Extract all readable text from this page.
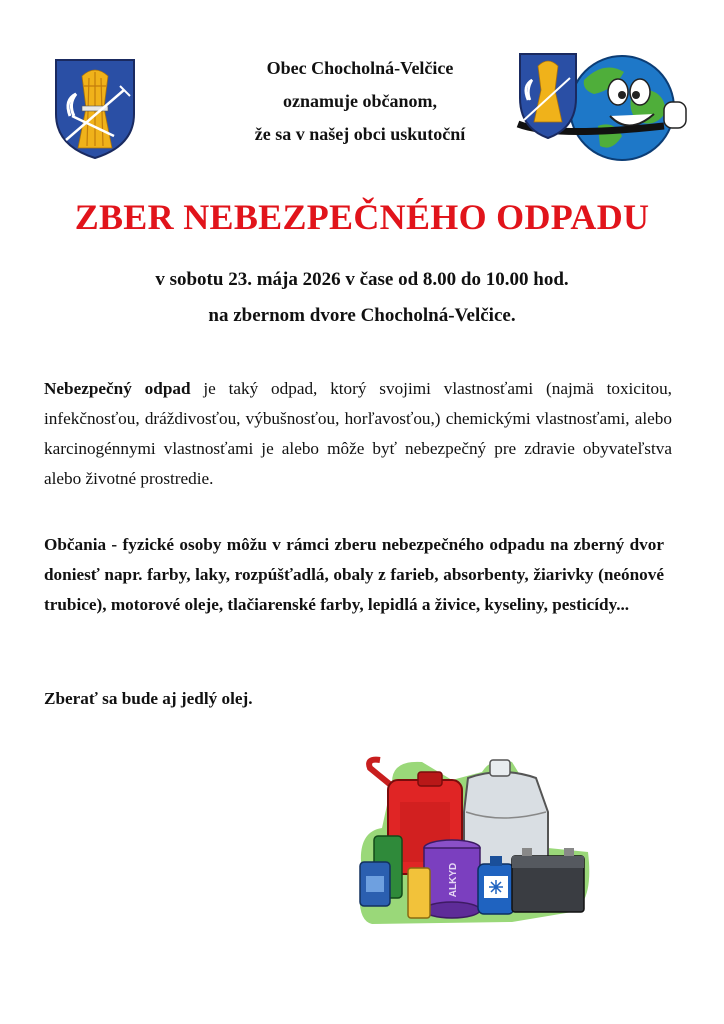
Obec Chocholná-Velčice
oznamuje občanom,
že sa v našej obci uskutoční
ZBER NEBEZPEČNÉHO ODPADU
v sobotu 23. mája 2026 v čase od 8.00 do 10.00 hod.
na zbernom dvore Chocholná-Velčice.
Nebezpečný odpad je taký odpad, ktorý svojimi vlastnosťami (najmä toxicitou, infekčnosťou, dráždivosťou, výbušnosťou, horľavosťou,) chemickými vlastnosťami, alebo karcinogénnymi vlastnosťami je alebo môže byť nebezpečný pre zdravie obyvateľstva alebo životné prostredie.
Občania - fyzické osoby môžu v rámci zberu nebezpečného odpadu na zberný dvor doniesť napr. farby, laky, rozpúšťadlá, obaly z farieb, absorbenty, žiarivky (neónové trubice), motorové oleje, tlačiarenské farby, lepidlá a živice, kyseliny, pesticídy...
Zberať sa bude aj jedlý olej.
ALKYD
